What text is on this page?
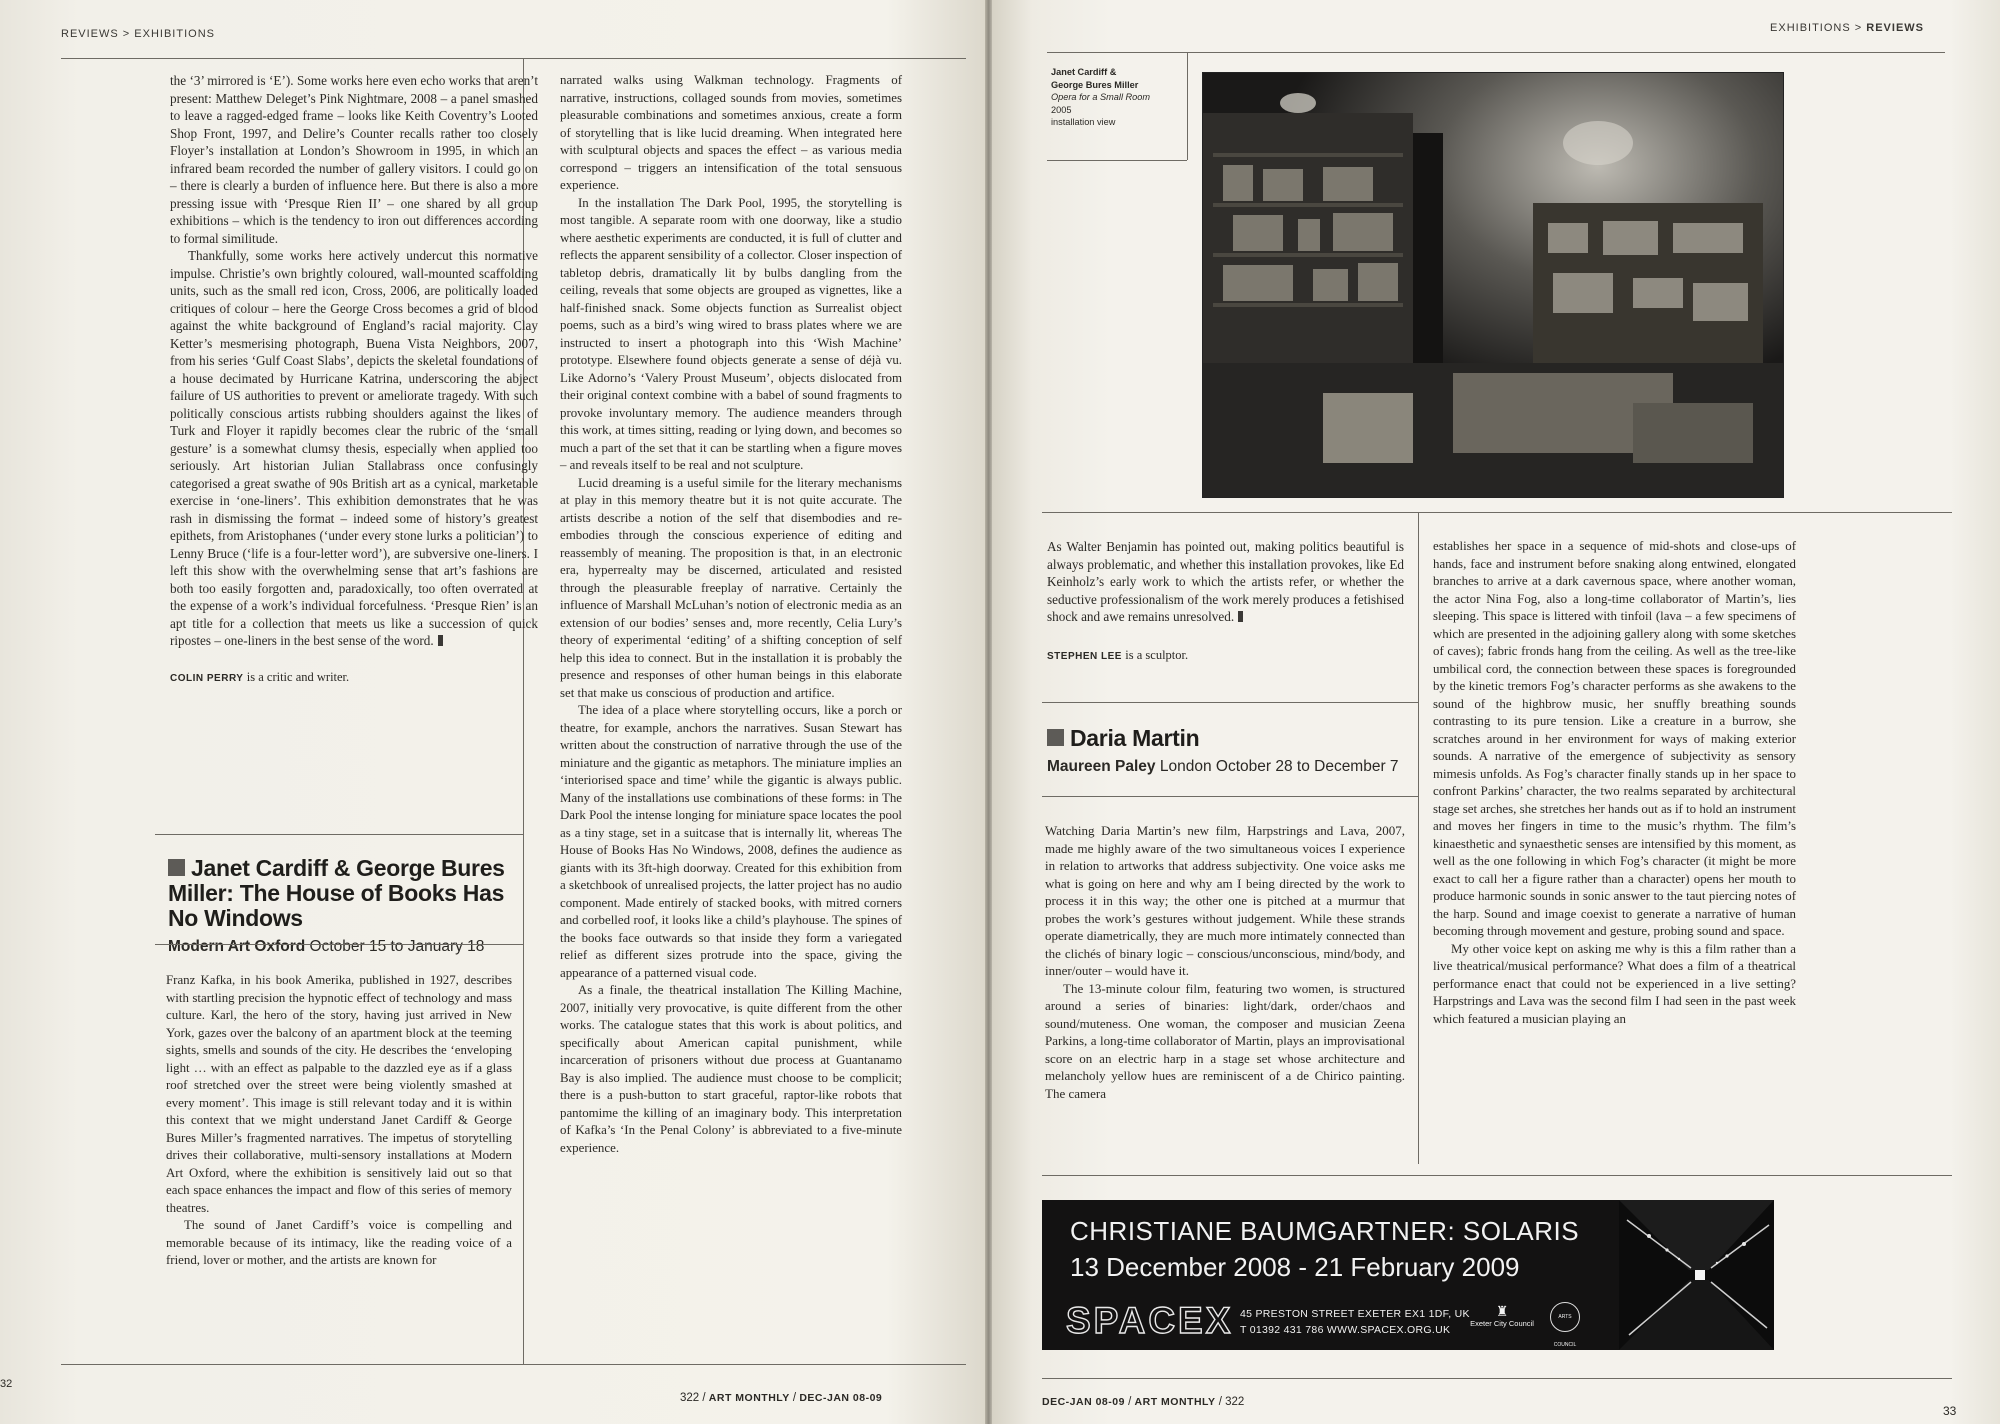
REVIEWS > EXHIBITIONS

the ‘3’ mirrored is ‘E’). Some works here even echo works that aren’t present: Matthew Deleget’s Pink Nightmare, 2008 – a panel smashed to leave a ragged-edged frame – looks like Keith Coventry’s Looted Shop Front, 1997, and Delire’s Counter recalls rather too closely Floyer’s installation at London’s Showroom in 1995, in which an infrared beam recorded the number of gallery visitors. I could go on – there is clearly a burden of influence here. But there is also a more pressing issue with ‘Presque Rien II’ – one shared by all group exhibitions – which is the tendency to iron out differences according to formal similitude.

Thankfully, some works here actively undercut this normative impulse. Christie’s own brightly coloured, wall-mounted scaffolding units, such as the small red icon, Cross, 2006, are politically loaded critiques of colour – here the George Cross becomes a grid of blood against the white background of England’s racial majority. Clay Ketter’s mesmerising photograph, Buena Vista Neighbors, 2007, from his series ‘Gulf Coast Slabs’, depicts the skeletal foundations of a house decimated by Hurricane Katrina, underscoring the abject failure of US authorities to prevent or ameliorate tragedy. With such politically conscious artists rubbing shoulders against the likes of Turk and Floyer it rapidly becomes clear the rubric of the ‘small gesture’ is a somewhat clumsy thesis, especially when applied too seriously. Art historian Julian Stallabrass once confusingly categorised a great swathe of 90s British art as a cynical, marketable exercise in ‘one-liners’. This exhibition demonstrates that he was rash in dismissing the format – indeed some of history’s greatest epithets, from Aristophanes (‘under every stone lurks a politician’) to Lenny Bruce (‘life is a four-letter word’), are subversive one-liners. I left this show with the overwhelming sense that art’s fashions are both too easily forgotten and, paradoxically, too often overrated at the expense of a work’s individual forcefulness. ‘Presque Rien’ is an apt title for a collection that meets us like a succession of quick ripostes – one-liners in the best sense of the word.

COLIN PERRY is a critic and writer.

Janet Cardiff & George Bures Miller: The House of Books Has No Windows
Modern Art Oxford October 15 to January 18

Franz Kafka, in his book Amerika, published in 1927, describes with startling precision the hypnotic effect of technology and mass culture. Karl, the hero of the story, having just arrived in New York, gazes over the balcony of an apartment block at the teeming sights, smells and sounds of the city. He describes the ‘enveloping light … with an effect as palpable to the dazzled eye as if a glass roof stretched over the street were being violently smashed at every moment’. This image is still relevant today and it is within this context that we might understand Janet Cardiff & George Bures Miller’s fragmented narratives. The impetus of storytelling drives their collaborative, multi-sensory installations at Modern Art Oxford, where the exhibition is sensitively laid out so that each space enhances the impact and flow of this series of memory theatres.

The sound of Janet Cardiff’s voice is compelling and memorable because of its intimacy, like the reading voice of a friend, lover or mother, and the artists are known for

narrated walks using Walkman technology. Fragments of narrative, instructions, collaged sounds from movies, sometimes pleasurable combinations and sometimes anxious, create a form of storytelling that is like lucid dreaming. When integrated here with sculptural objects and spaces the effect – as various media correspond – triggers an intensification of the total sensuous experience.

In the installation The Dark Pool, 1995, the storytelling is most tangible. A separate room with one doorway, like a studio where aesthetic experiments are conducted, it is full of clutter and reflects the apparent sensibility of a collector. Closer inspection of tabletop debris, dramatically lit by bulbs dangling from the ceiling, reveals that some objects are grouped as vignettes, like a half-finished snack. Some objects function as Surrealist object poems, such as a bird’s wing wired to brass plates where we are instructed to insert a photograph into this ‘Wish Machine’ prototype. Elsewhere found objects generate a sense of déjà vu. Like Adorno’s ‘Valery Proust Museum’, objects dislocated from their original context combine with a babel of sound fragments to provoke involuntary memory. The audience meanders through this work, at times sitting, reading or lying down, and becomes so much a part of the set that it can be startling when a figure moves – and reveals itself to be real and not sculpture.

Lucid dreaming is a useful simile for the literary mechanisms at play in this memory theatre but it is not quite accurate. The artists describe a notion of the self that disembodies and re-embodies through the conscious experience of editing and reassembly of meaning. The proposition is that, in an electronic era, hyperrealty may be discerned, articulated and resisted through the pleasurable freeplay of narrative. Certainly the influence of Marshall McLuhan’s notion of electronic media as an extension of our bodies’ senses and, more recently, Celia Lury’s theory of experimental ‘editing’ of a shifting conception of self help this idea to connect. But in the installation it is probably the presence and responses of other human beings in this elaborate set that make us conscious of production and artifice.

The idea of a place where storytelling occurs, like a porch or theatre, for example, anchors the narratives. Susan Stewart has written about the construction of narrative through the use of the miniature and the gigantic as metaphors. The miniature implies an ‘interiorised space and time’ while the gigantic is always public. Many of the installations use combinations of these forms: in The Dark Pool the intense longing for miniature space locates the pool as a tiny stage, set in a suitcase that is internally lit, whereas The House of Books Has No Windows, 2008, defines the audience as giants with its 3ft-high doorway. Created for this exhibition from a sketchbook of unrealised projects, the latter project has no audio component. Made entirely of stacked books, with mitred corners and corbelled roof, it looks like a child’s playhouse. The spines of the books face outwards so that inside they form a variegated relief as different sizes protrude into the space, giving the appearance of a patterned visual code.

As a finale, the theatrical installation The Killing Machine, 2007, initially very provocative, is quite different from the other works. The catalogue states that this work is about politics, and specifically about American capital punishment, while incarceration of prisoners without due process at Guantanamo Bay is also implied. The audience must choose to be complicit; there is a push-button to start graceful, raptor-like robots that pantomime the killing of an imaginary body. This interpretation of Kafka’s ‘In the Penal Colony’ is abbreviated to a five-minute experience.

322 / ART MONTHLY / DEC-JAN 08-09
32
EXHIBITIONS > REVIEWS
Janet Cardiff &
George Bures Miller
Opera for a Small Room
2005
installation view

As Walter Benjamin has pointed out, making politics beautiful is always problematic, and whether this installation provokes, like Ed Keinholz’s early work to which the artists refer, or whether the seductive professionalism of the work merely produces a fetishised shock and awe remains unresolved.

STEPHEN LEE is a sculptor.

Daria Martin
Maureen Paley London October 28 to December 7

Watching Daria Martin’s new film, Harpstrings and Lava, 2007, made me highly aware of the two simultaneous voices I experience in relation to artworks that address subjectivity. One voice asks me what is going on here and why am I being directed by the work to process it in this way; the other one is pitched at a murmur that probes the work’s gestures without judgement. While these strands operate diametrically, they are much more intimately connected than the clichés of binary logic – conscious/unconscious, mind/body, and inner/outer – would have it.

The 13-minute colour film, featuring two women, is structured around a series of binaries: light/dark, order/chaos and sound/muteness. One woman, the composer and musician Zeena Parkins, a long-time collaborator of Martin, plays an improvisational score on an electric harp in a stage set whose architecture and melancholy yellow hues are reminiscent of a de Chirico painting. The camera

establishes her space in a sequence of mid-shots and close-ups of hands, face and instrument before snaking along entwined, elongated branches to arrive at a dark cavernous space, where another woman, the actor Nina Fog, also a long-time collaborator of Martin’s, lies sleeping. This space is littered with tinfoil (lava – a few specimens of which are presented in the adjoining gallery along with some sketches of caves); fabric fronds hang from the ceiling. As well as the tree-like umbilical cord, the connection between these spaces is foregrounded by the kinetic tremors Fog’s character performs as she awakens to the sound of the highbrow music, her snuffly breathing sounds contrasting to its pure tension. Like a creature in a burrow, she scratches around in her environment for ways of making exterior sounds. A narrative of the emergence of subjectivity as sensory mimesis unfolds. As Fog’s character finally stands up in her space to confront Parkins’ character, the two realms separated by architectural stage set arches, she stretches her hands out as if to hold an instrument and moves her fingers in time to the music’s rhythm. The film’s kinaesthetic and synaesthetic senses are intensified by this moment, as well as the one following in which Fog’s character (it might be more exact to call her a figure rather than a character) opens her mouth to produce harmonic sounds in sonic answer to the taut piercing notes of the harp. Sound and image coexist to generate a narrative of human becoming through movement and gesture, probing sound and space.

My other voice kept on asking me why is this a film rather than a live theatrical/musical performance? What does a film of a theatrical performance enact that could not be experienced in a live setting? Harpstrings and Lava was the second film I had seen in the past week which featured a musician playing an

CHRISTIANE BAUMGARTNER: SOLARIS
13 December 2008 - 21 February 2009
SPACEX 45 PRESTON STREET EXETER EX1 1DF, UK
T 01392 431 786 WWW.SPACEX.ORG.UK
♜
Exeter City Council
ARTS COUNCIL ENGLAND
DEC-JAN 08-09 / ART MONTHLY / 322
33
